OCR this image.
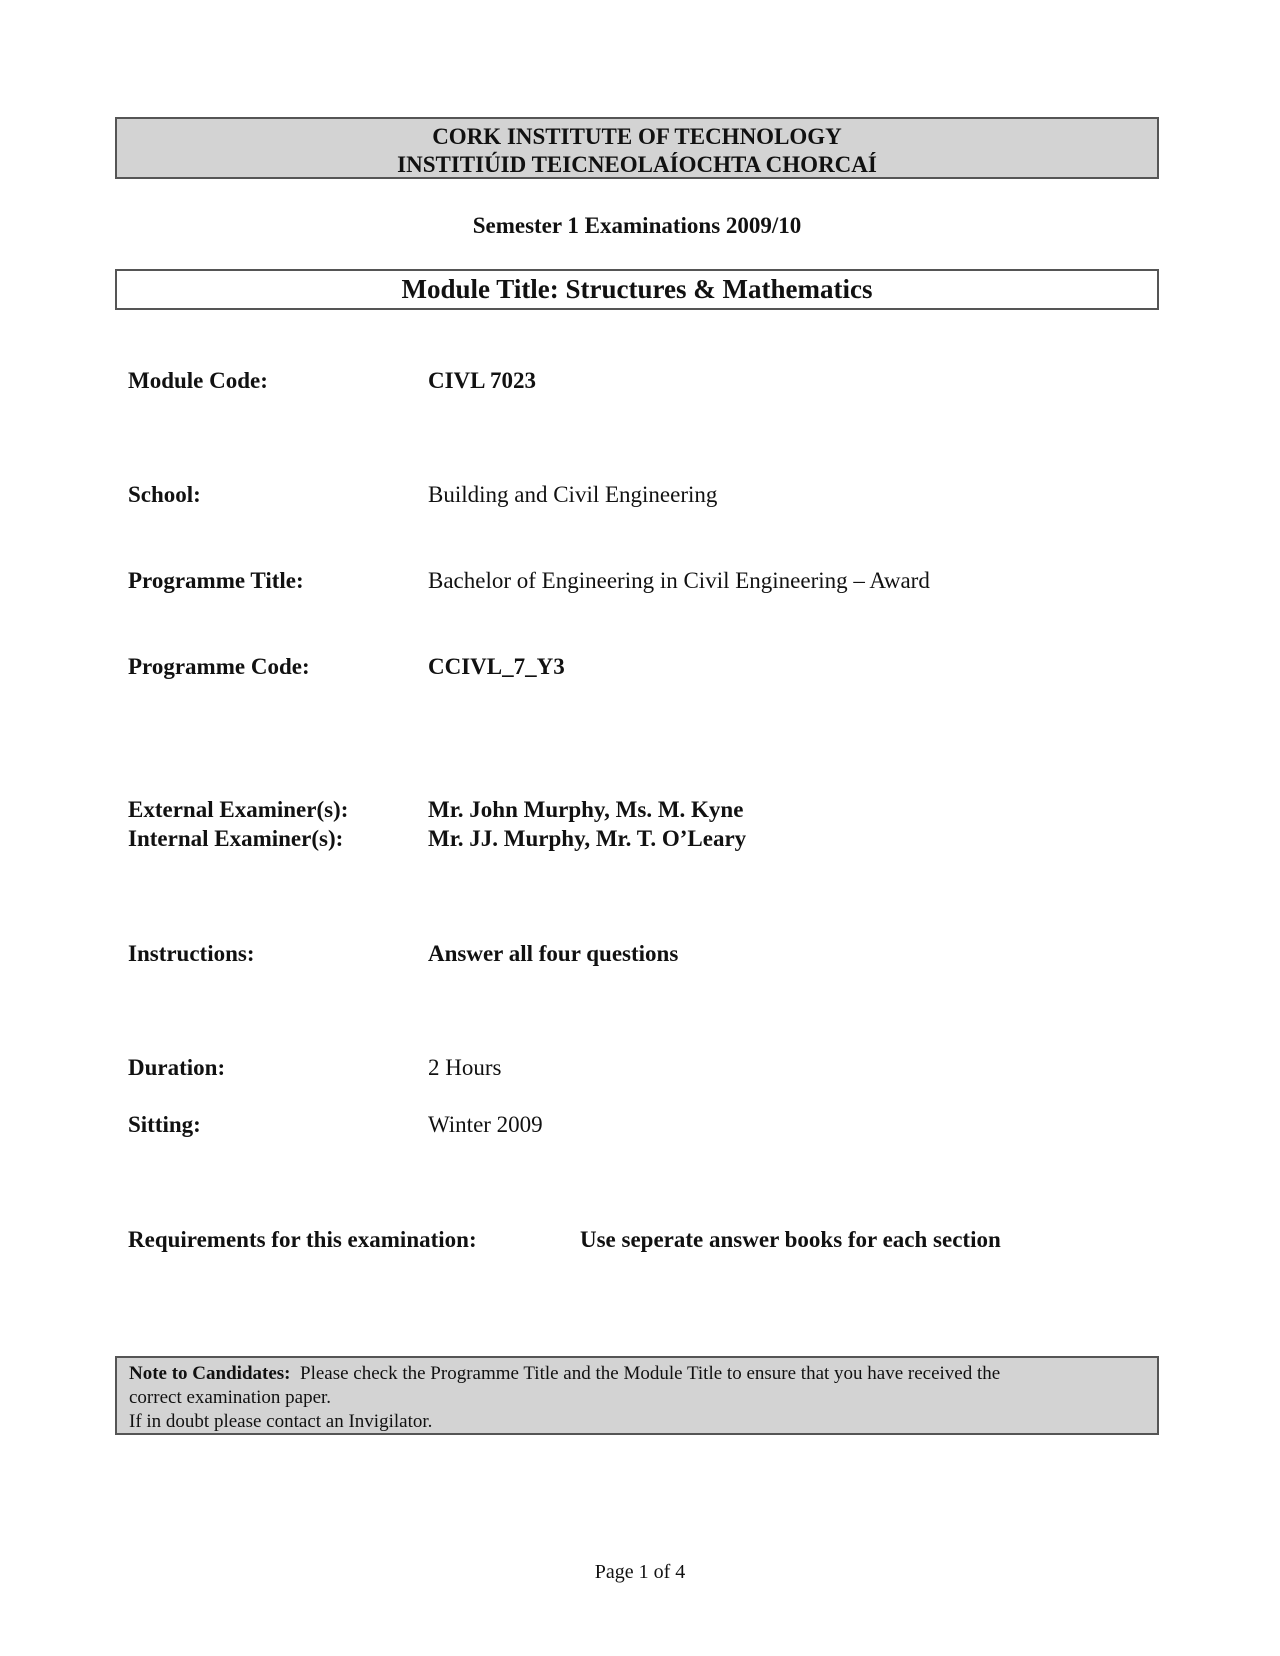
CORK INSTITUTE OF TECHNOLOGY
INSTITIÚID TEICNEOLAÍOCHTA CHORCAÍ
Semester 1 Examinations 2009/10
Module Title: Structures & Mathematics
Module Code:	CIVL 7023
School:	Building and Civil Engineering
Programme Title:	Bachelor of Engineering in Civil Engineering – Award
Programme Code:	CCIVL_7_Y3
External Examiner(s):	Mr. John Murphy, Ms. M. Kyne
Internal Examiner(s):	Mr. JJ. Murphy, Mr. T. O’Leary
Instructions:	Answer all four questions
Duration:	2 Hours
Sitting:	Winter 2009
Requirements for this examination:	Use seperate answer books for each section
Note to Candidates: Please check the Programme Title and the Module Title to ensure that you have received the
correct examination paper.
If in doubt please contact an Invigilator.
Page 1 of 4
